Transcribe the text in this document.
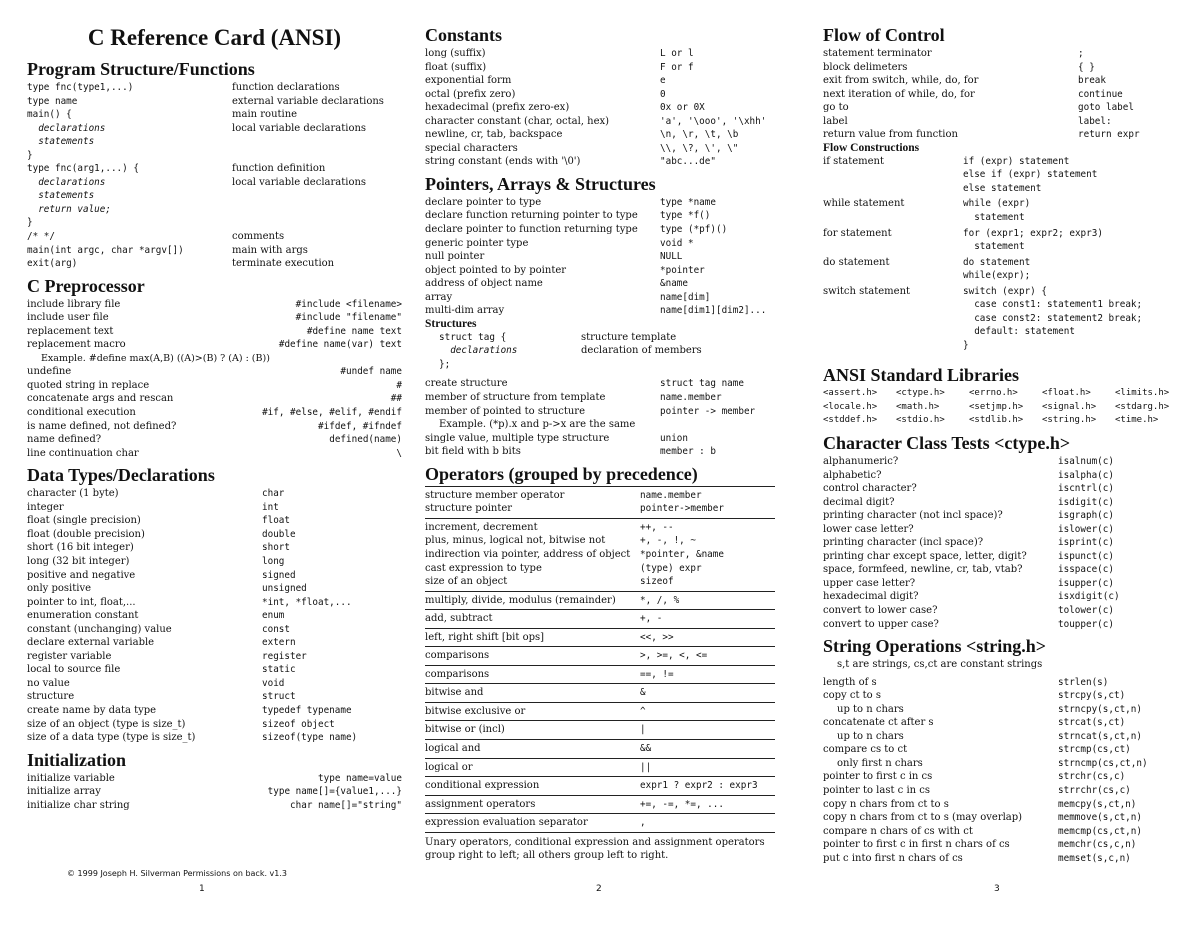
C Reference Card (ANSI)
Program Structure/Functions
type fnc(type1,...)	function declarations
type name	external variable declarations
main() {	main routine
declarations	local variable declarations
statements
}
type fnc(arg1,...) {	function definition
declarations	local variable declarations
statements
return value;
}
/* */	comments
main(int argc, char *argv[])	main with args
exit(arg)	terminate execution
C Preprocessor
include library file	#include <filename>
include user file	#include "filename"
replacement text	#define name text
replacement macro	#define name(var) text
Example. #define max(A,B) ((A)>(B) ? (A) : (B))
undefine	#undef name
quoted string in replace	#
concatenate args and rescan	##
conditional execution	#if, #else, #elif, #endif
is name defined, not defined?	#ifdef, #ifndef
name defined?	defined(name)
line continuation char	\
Data Types/Declarations
character (1 byte)	char
integer	int
float (single precision)	float
float (double precision)	double
short (16 bit integer)	short
long (32 bit integer)	long
positive and negative	signed
only positive	unsigned
pointer to int, float,...	*int, *float,...
enumeration constant	enum
constant (unchanging) value	const
declare external variable	extern
register variable	register
local to source file	static
no value	void
structure	struct
create name by data type	typedef typename
size of an object (type is size_t)	sizeof object
size of a data type (type is size_t)	sizeof(type name)
Initialization
initialize variable	type name=value
initialize array	type name[]={value1,...}
initialize char string	char name[]="string"
Constants
long (suffix)	L or l
float (suffix)	F or f
exponential form	e
octal (prefix zero)	0
hexadecimal (prefix zero-ex)	0x or 0X
character constant (char, octal, hex)	'a', '\ooo', '\xhh'
newline, cr, tab, backspace	\n, \r, \t, \b
special characters	\\, \?, \', \"
string constant (ends with '\0')	"abc...de"
Pointers, Arrays & Structures
declare pointer to type	type *name
declare function returning pointer to type	type *f()
declare pointer to function returning type	type (*pf)()
generic pointer type	void *
null pointer	NULL
object pointed to by pointer	*pointer
address of object name	&name
array	name[dim]
multi-dim array	name[dim1][dim2]...
Structures
struct tag {	structure template
declarations	declaration of members
};
create structure	struct tag name
member of structure from template	name.member
member of pointed to structure	pointer -> member
Example. (*p).x and p->x are the same
single value, multiple type structure	union
bit field with b bits	member : b
Operators (grouped by precedence)
structure member operator	name.member
structure pointer	pointer->member
increment, decrement	++, --
plus, minus, logical not, bitwise not	+, -, !, ~
indirection via pointer, address of object	*pointer, &name
cast expression to type	(type) expr
size of an object	sizeof
multiply, divide, modulus (remainder)	*, /, %
add, subtract	+, -
left, right shift [bit ops]	<<, >>
comparisons	>, >=, <, <=
comparisons	==, !=
bitwise and	&
bitwise exclusive or	^
bitwise or (incl)	|
logical and	&&
logical or	||
conditional expression	expr1 ? expr2 : expr3
assignment operators	+=, -=, *=, ...
expression evaluation separator	,
Unary operators, conditional expression and assignment operators group right to left; all others group left to right.
Flow of Control
statement terminator	;
block delimeters	{ }
exit from switch, while, do, for	break
next iteration of while, do, for	continue
go to	goto label
label	label:
return value from function	return expr
Flow Constructions
if statement	if (expr) statement
else if (expr) statement
else statement
while statement	while (expr)
statement
for statement	for (expr1; expr2; expr3)
statement
do statement	do statement
while(expr);
switch statement	switch (expr) {
case const1: statement1 break;
case const2: statement2 break;
default: statement
}
ANSI Standard Libraries
<assert.h>	<ctype.h>	<errno.h>	<float.h>	<limits.h>
<locale.h>	<math.h>	<setjmp.h>	<signal.h>	<stdarg.h>
<stddef.h>	<stdio.h>	<stdlib.h>	<string.h>	<time.h>
Character Class Tests <ctype.h>
alphanumeric?	isalnum(c)
alphabetic?	isalpha(c)
control character?	iscntrl(c)
decimal digit?	isdigit(c)
printing character (not incl space)?	isgraph(c)
lower case letter?	islower(c)
printing character (incl space)?	isprint(c)
printing char except space, letter, digit?	ispunct(c)
space, formfeed, newline, cr, tab, vtab?	isspace(c)
upper case letter?	isupper(c)
hexadecimal digit?	isxdigit(c)
convert to lower case?	tolower(c)
convert to upper case?	toupper(c)
String Operations <string.h>
s,t are strings, cs,ct are constant strings
length of s	strlen(s)
copy ct to s	strcpy(s,ct)
up to n chars	strncpy(s,ct,n)
concatenate ct after s	strcat(s,ct)
up to n chars	strncat(s,ct,n)
compare cs to ct	strcmp(cs,ct)
only first n chars	strncmp(cs,ct,n)
pointer to first c in cs	strchr(cs,c)
pointer to last c in cs	strrchr(cs,c)
copy n chars from ct to s	memcpy(s,ct,n)
copy n chars from ct to s (may overlap)	memmove(s,ct,n)
compare n chars of cs with ct	memcmp(cs,ct,n)
pointer to first c in first n chars of cs	memchr(cs,c,n)
put c into first n chars of cs	memset(s,c,n)
© 1999 Joseph H. Silverman Permissions on back. v1.3
1	2	3
